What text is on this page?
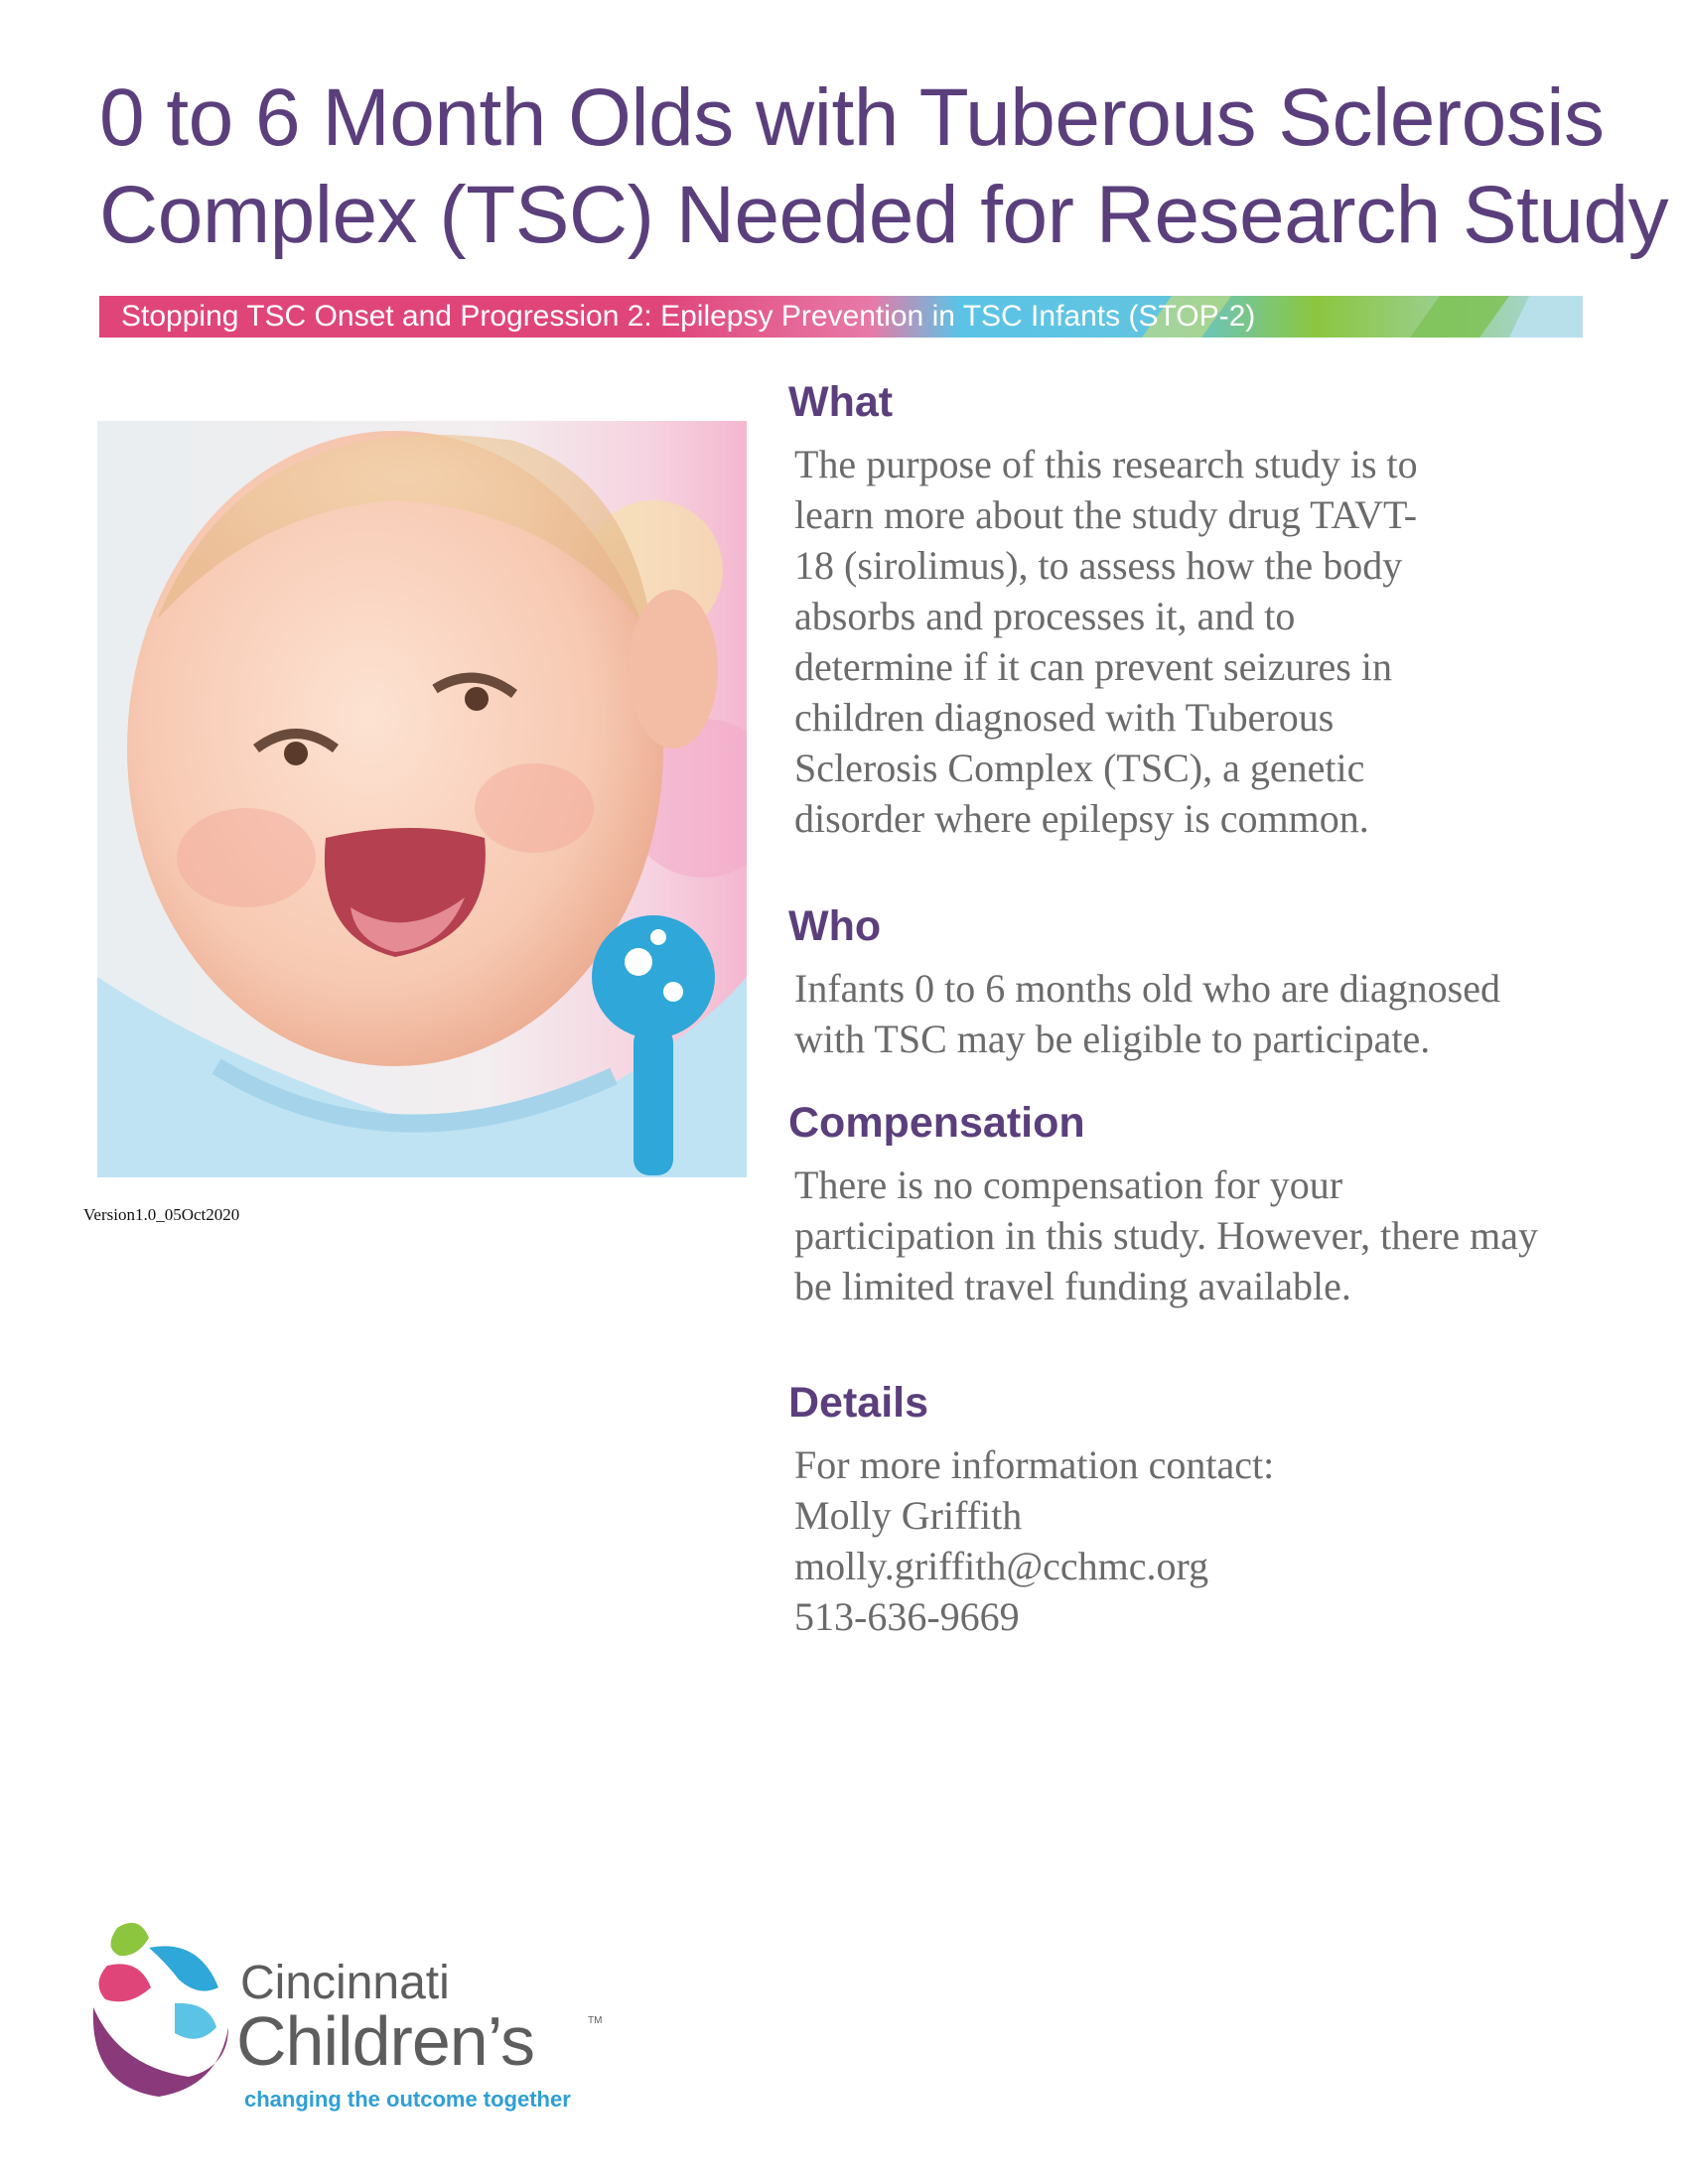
0 to 6 Month Olds with Tuberous Sclerosis
Complex (TSC) Needed for Research Study
Stopping TSC Onset and Progression 2: Epilepsy Prevention in TSC Infants (STOP-2)
Version1.0_05Oct2020
What
The purpose of this research study is to
learn more about the study drug TAVT-
18 (sirolimus), to assess how the body
absorbs and processes it, and to
determine if it can prevent seizures in
children diagnosed with Tuberous
Sclerosis Complex (TSC), a genetic
disorder where epilepsy is common.
Who
Infants 0 to 6 months old who are diagnosed
with TSC may be eligible to participate.
Compensation
There is no compensation for your
participation in this study. However, there may
be limited travel funding available.
Details
For more information contact:
Molly Griffith
molly.griffith@cchmc.org
513-636-9669
Cincinnati
Children’s	TM
changing the outcome together
